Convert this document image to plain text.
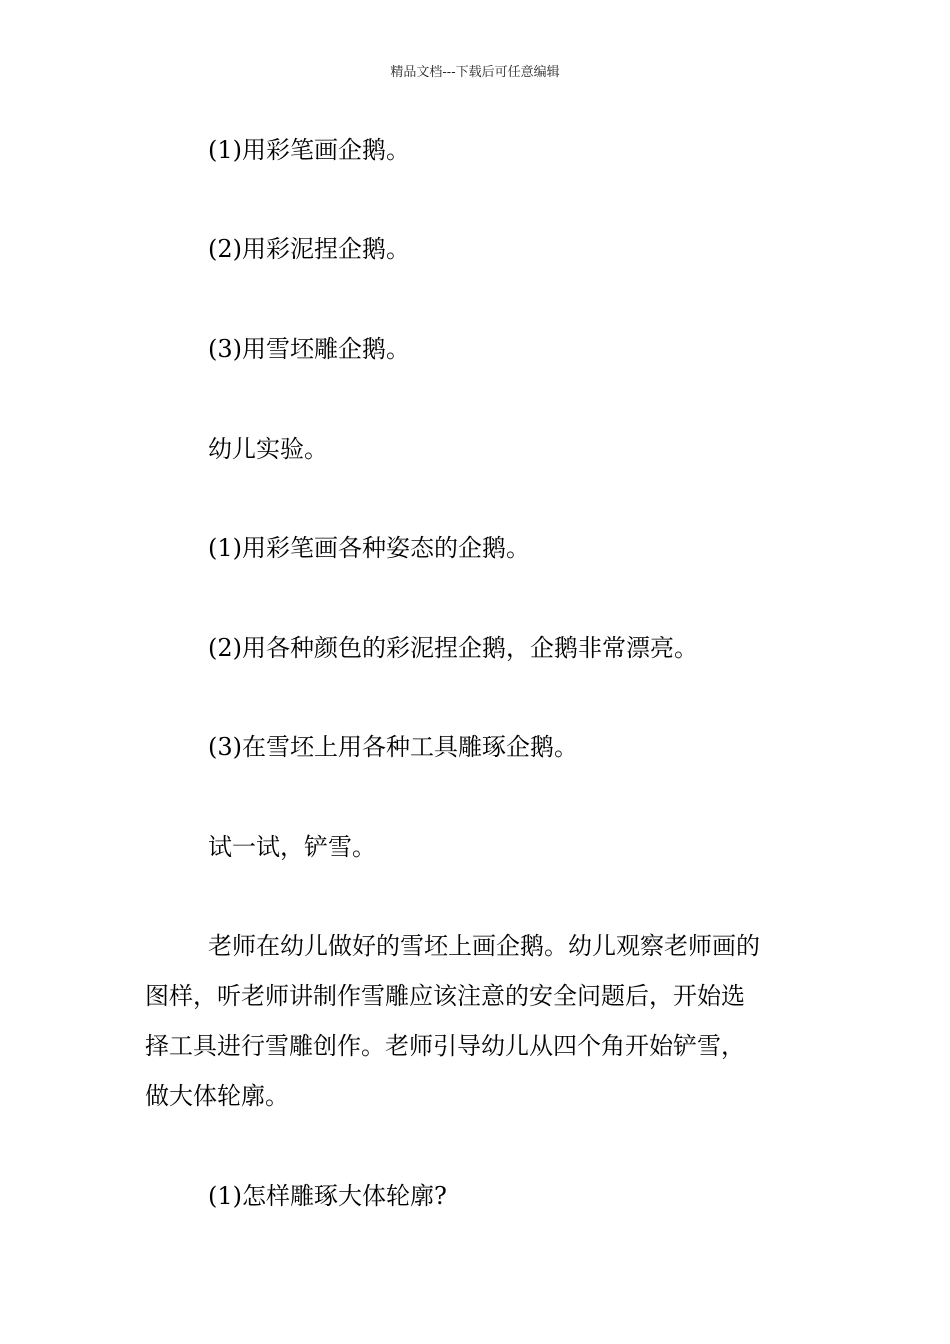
精品文档---下载后可任意编辑
(1)用彩笔画企鹅。
(2)用彩泥捏企鹅。
(3)用雪坯雕企鹅。
幼儿实验。
(1)用彩笔画各种姿态的企鹅。
(2)用各种颜色的彩泥捏企鹅，企鹅非常漂亮。
(3)在雪坯上用各种工具雕琢企鹅。
试一试，铲雪。
老师在幼儿做好的雪坯上画企鹅。幼儿观察老师画的
图样，听老师讲制作雪雕应该注意的安全问题后，开始选
择工具进行雪雕创作。老师引导幼儿从四个角开始铲雪，
做大体轮廓。
(1)怎样雕琢大体轮廓?
